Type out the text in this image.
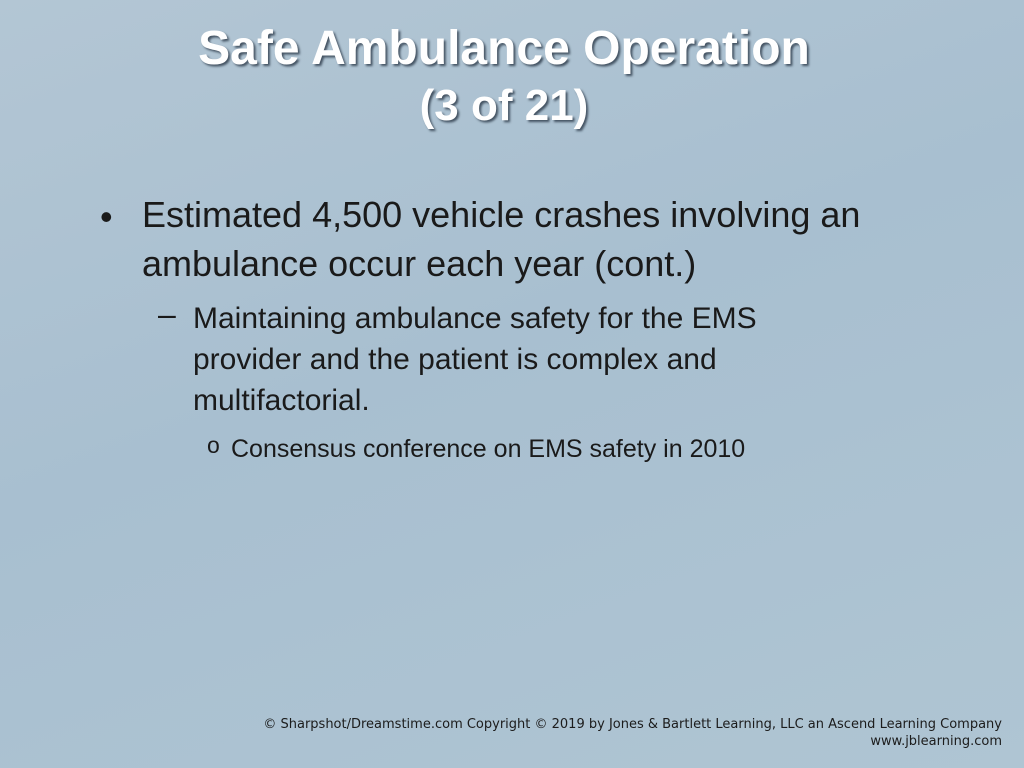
Safe Ambulance Operation
(3 of 21)
• Estimated 4,500 vehicle crashes involving an ambulance occur each year (cont.)
– Maintaining ambulance safety for the EMS provider and the patient is complex and multifactorial.
o Consensus conference on EMS safety in 2010
© Sharpshot/Dreamstime.com Copyright © 2019 by Jones & Bartlett Learning, LLC an Ascend Learning Company
www.jblearning.com
